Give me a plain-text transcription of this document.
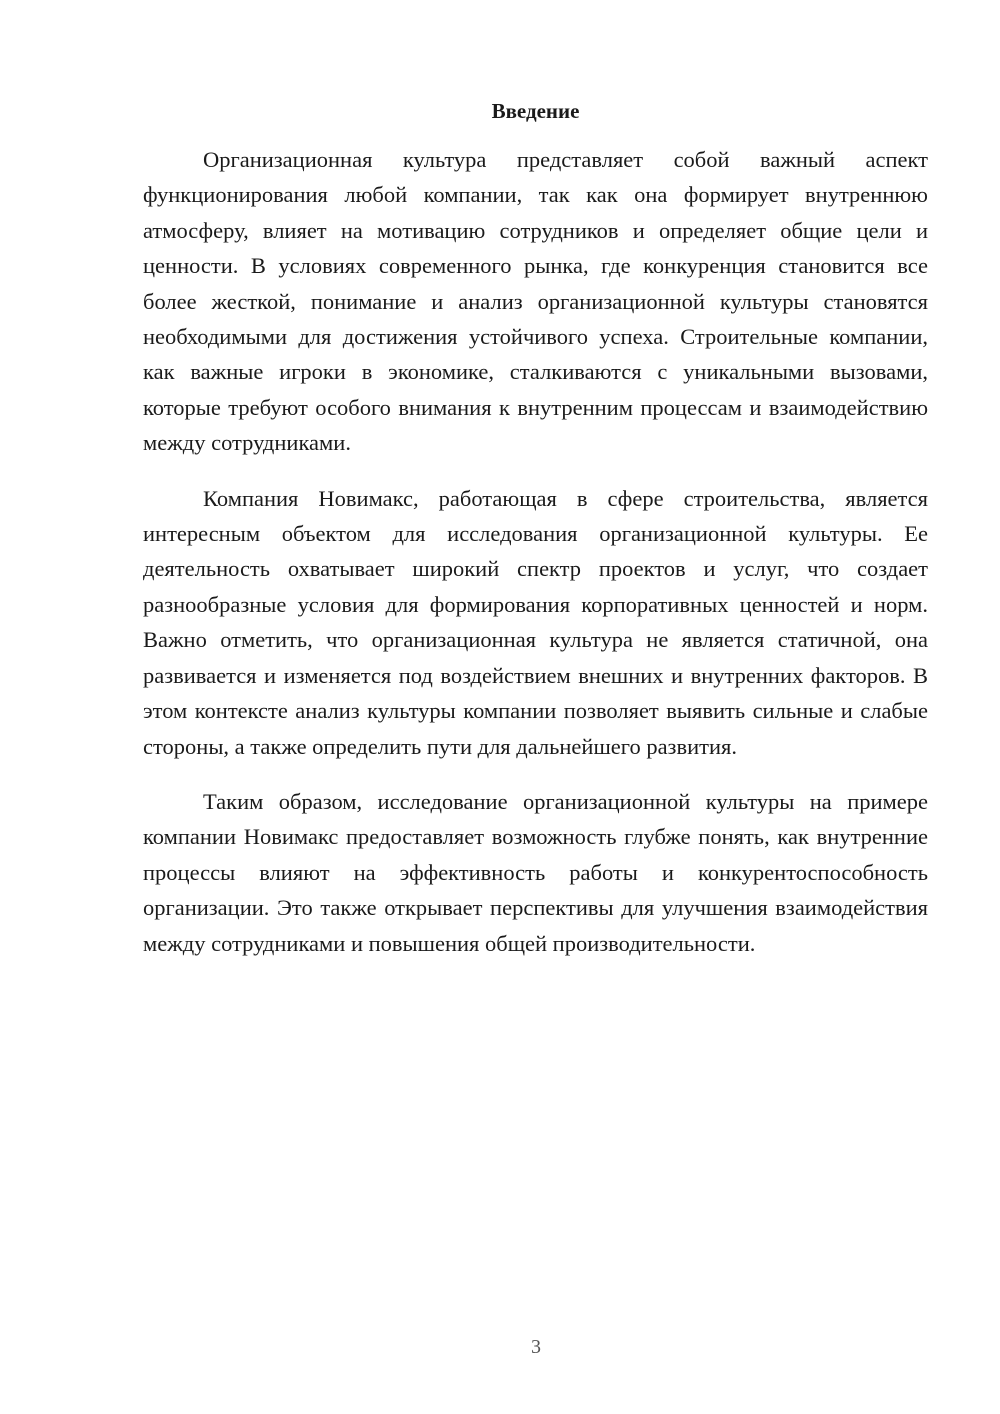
Введение

Организационная культура представляет собой важный аспект функционирования любой компании, так как она формирует внутреннюю атмосферу, влияет на мотивацию сотрудников и определяет общие цели и ценности. В условиях современного рынка, где конкуренция становится все более жесткой, понимание и анализ организационной культуры становятся необходимыми для достижения устойчивого успеха. Строительные компании, как важные игроки в экономике, сталкиваются с уникальными вызовами, которые требуют особого внимания к внутренним процессам и взаимодействию между сотрудниками.

Компания Новимакс, работающая в сфере строительства, является интересным объектом для исследования организационной культуры. Ее деятельность охватывает широкий спектр проектов и услуг, что создает разнообразные условия для формирования корпоративных ценностей и норм. Важно отметить, что организационная культура не является статичной, она развивается и изменяется под воздействием внешних и внутренних факторов. В этом контексте анализ культуры компании позволяет выявить сильные и слабые стороны, а также определить пути для дальнейшего развития.

Таким образом, исследование организационной культуры на примере компании Новимакс предоставляет возможность глубже понять, как внутренние процессы влияют на эффективность работы и конкурентоспособность организации. Это также открывает перспективы для улучшения взаимодействия между сотрудниками и повышения общей производительности.

3
